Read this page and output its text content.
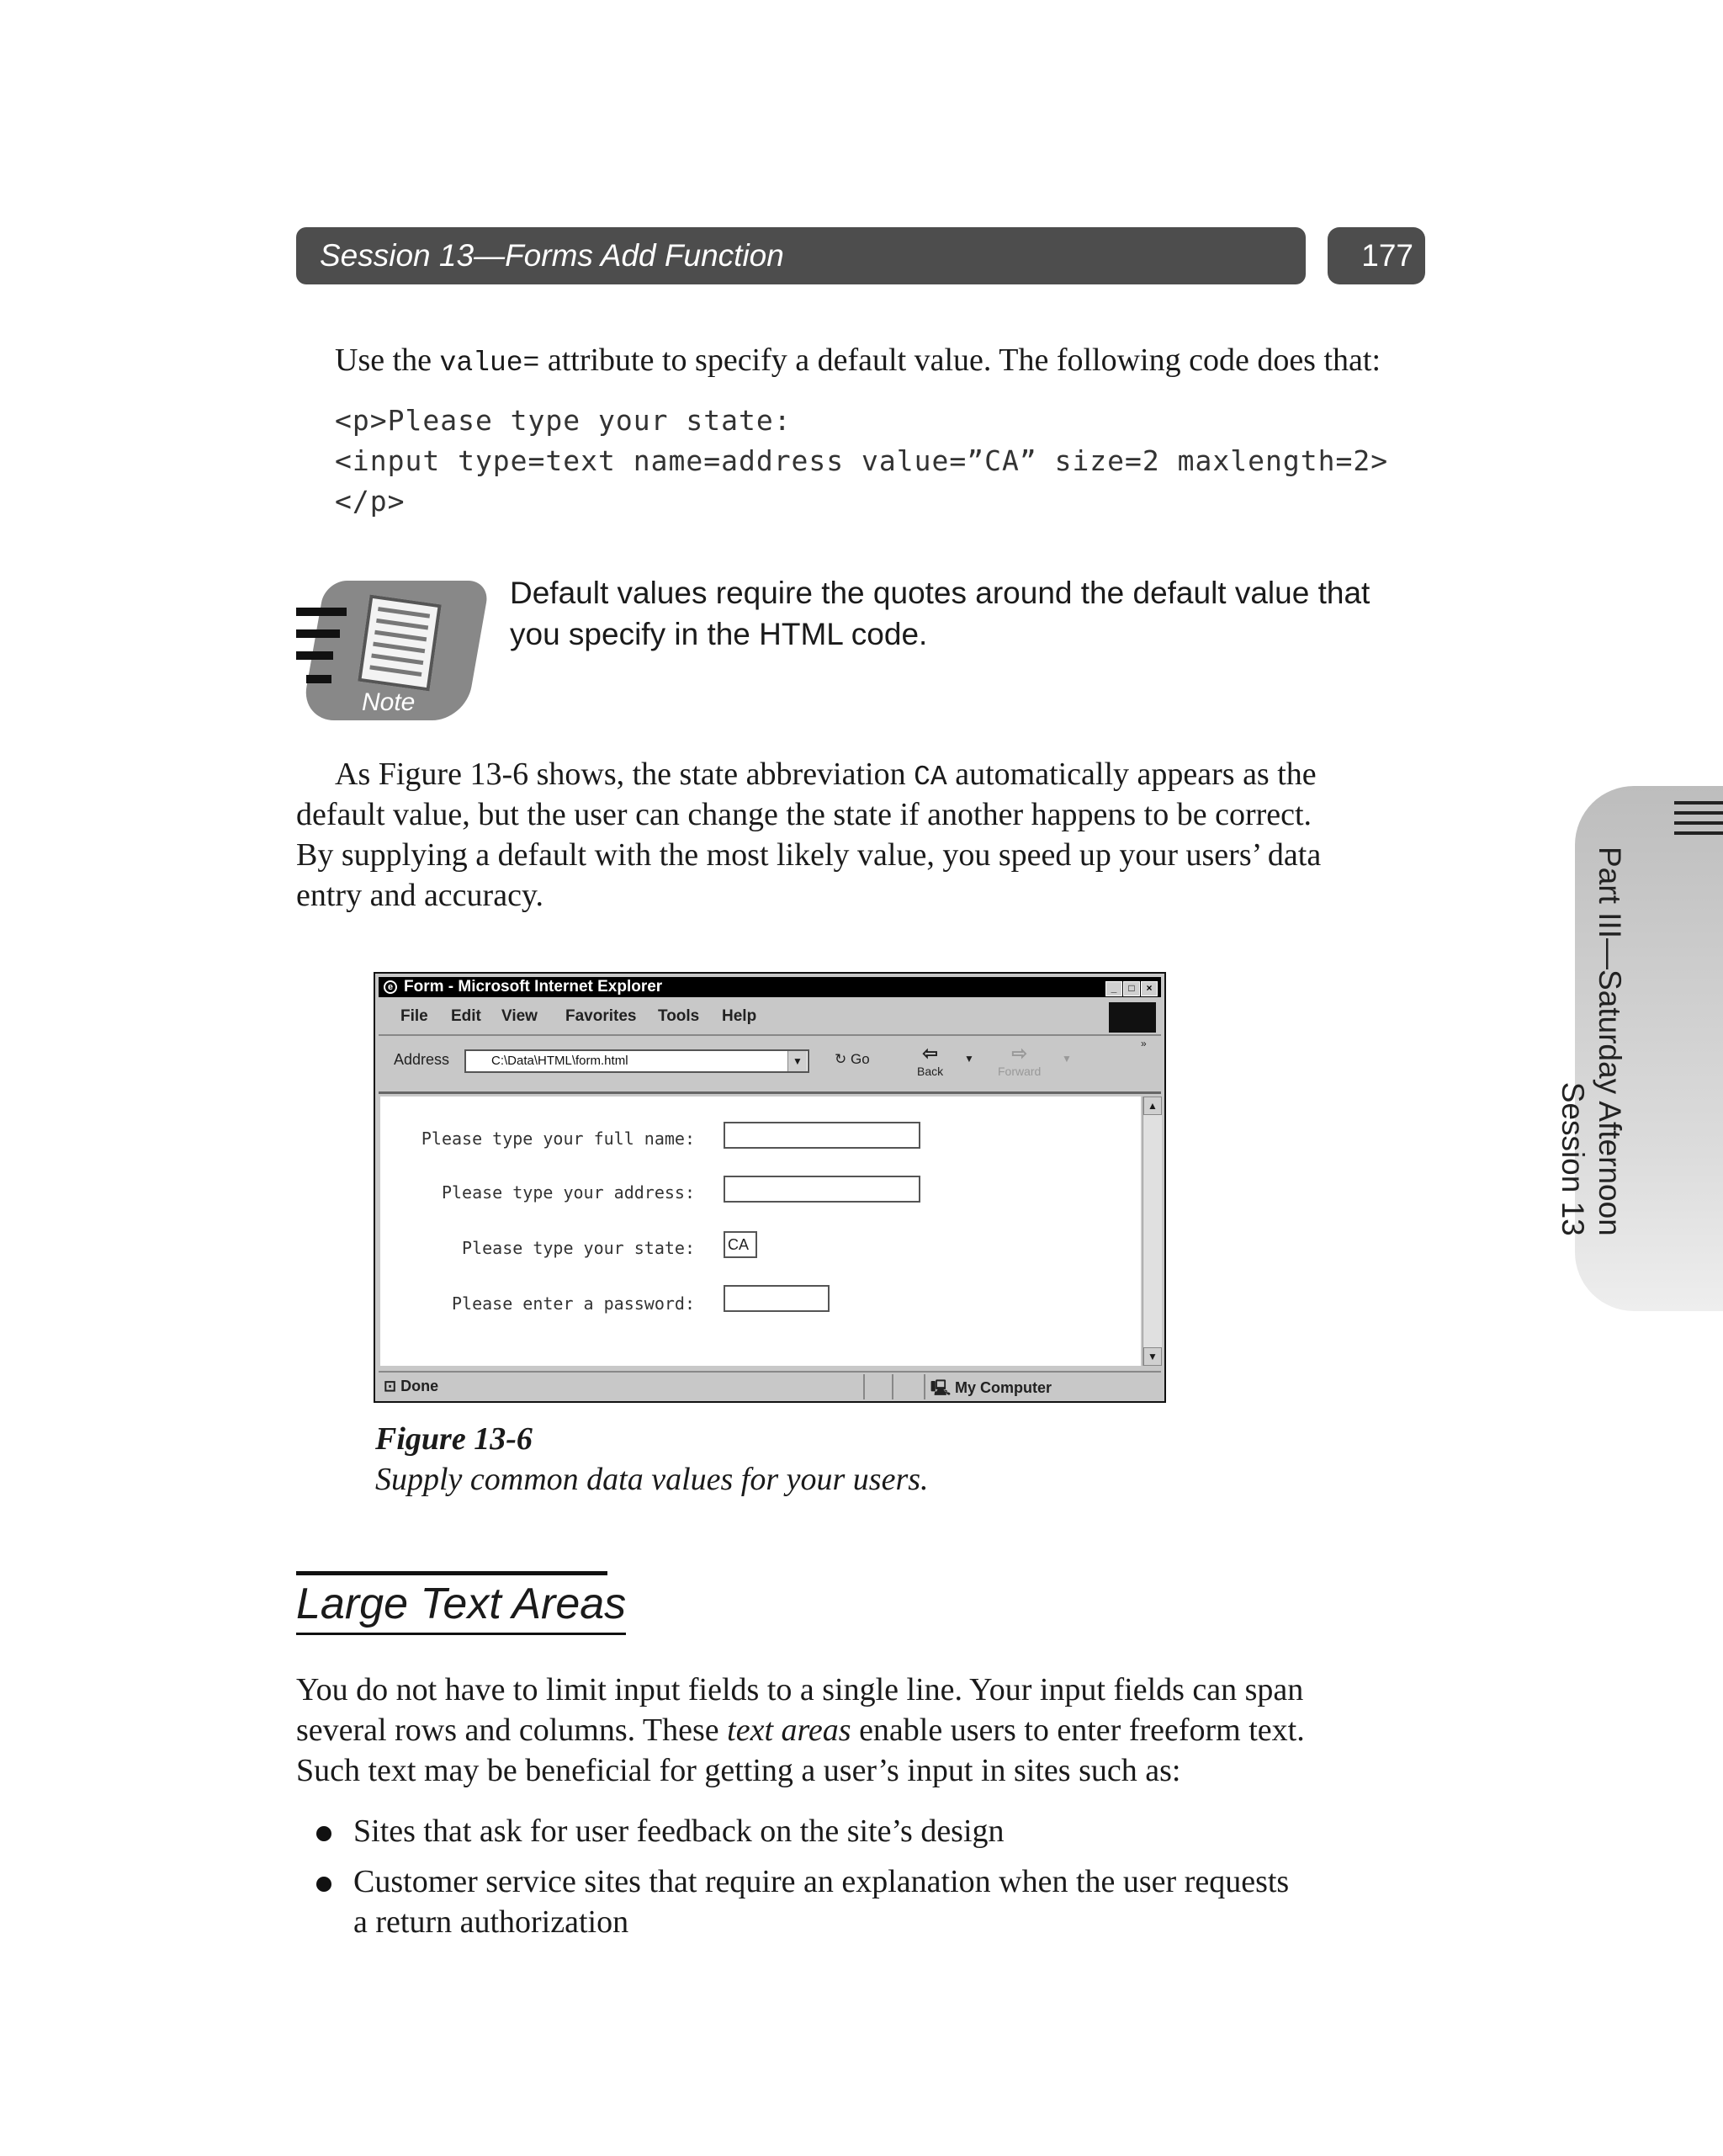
Session 13—Forms Add Function	177
Use the value= attribute to specify a default value. The following code does that:
<p>Please type your state:
<input type=text name=address value=”CA” size=2 maxlength=2>
</p>
Note
Default values require the quotes around the default value that you specify in the HTML code.
As Figure 13-6 shows, the state abbreviation CA automatically appears as the
default value, but the user can change the state if another happens to be correct.
By supplying a default with the most likely value, you speed up your users’ data
entry and accuracy.	Part III—Saturday Afternoon
Session 13
e Form - Microsoft Internet Explorer	_	□	×
File Edit View Favorites Tools Help
Address	C:\Data\HTML\form.html	▼ ↻ Go	⇦
Back
▼	⇨
Forward
▼
»
Please type your full name:
Please type your address:
Please type your state: CA
Please enter a password:
▲
▼
⊡ Done	🖳 My Computer
Figure 13-6
Supply common data values for your users.
Large Text Areas
You do not have to limit input fields to a single line. Your input fields can span
several rows and columns. These text areas enable users to enter freeform text.
Such text may be beneficial for getting a user’s input in sites such as:
Sites that ask for user feedback on the site’s design
Customer service sites that require an explanation when the user requests
a return authorization
